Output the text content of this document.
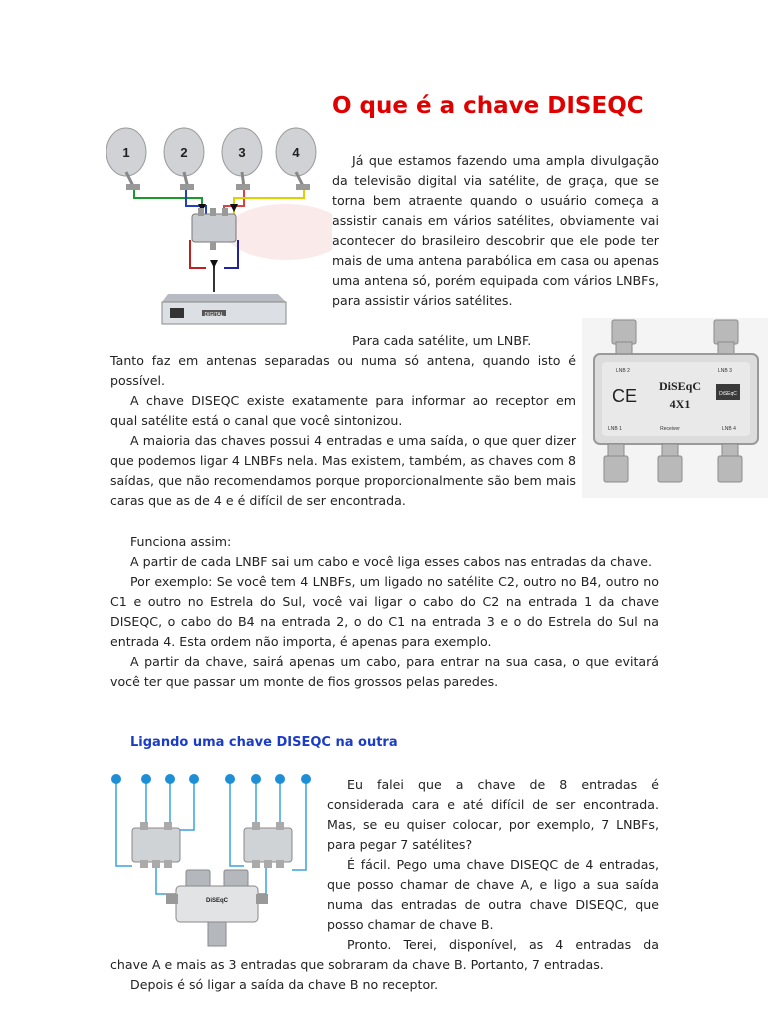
1	2	3	4
DIGITAL
LNB 2	LNB 3
CE DiSEqC
4X1
DiSEqC
LNB 1	Receiver	LNB 4
O que é a chave DISEQC

Já que estamos fazendo uma ampla divulgação da televisão digital via satélite, de graça, que se torna bem atraente quando o usuário começa a assistir canais em vários satélites, obviamente vai acontecer do brasileiro descobrir que ele pode ter mais de uma antena parabólica em casa ou apenas uma antena só, porém equipada com vários LNBFs, para assistir vários satélites.

Para cada satélite, um LNBF.

Tanto faz em antenas separadas ou numa só antena, quando isto é possível.

A chave DISEQC existe exatamente para informar ao receptor em qual satélite está o canal que você sintonizou.

A maioria das chaves possui 4 entradas e uma saída, o que quer dizer que podemos ligar 4 LNBFs nela. Mas existem, também, as chaves com 8 saídas, que não recomendamos porque proporcionalmente são bem mais caras que as de 4 e é difícil de ser encontrada.

Funciona assim:

A partir de cada LNBF sai um cabo e você liga esses cabos nas entradas da chave.

Por exemplo: Se você tem 4 LNBFs, um ligado no satélite C2, outro no B4, outro no C1 e outro no Estrela do Sul, você vai ligar o cabo do C2 na entrada 1 da chave DISEQC, o cabo do B4 na entrada 2, o do C1 na entrada 3 e o do Estrela do Sul na entrada 4. Esta ordem não importa, é apenas para exemplo.

A partir da chave, sairá apenas um cabo, para entrar na sua casa, o que evitará você ter que passar um monte de fios grossos pelas paredes.

Ligando uma chave DISEQC na outra
DiSEqC

Eu falei que a chave de 8 entradas é considerada cara e até difícil de ser encontrada. Mas, se eu quiser colocar, por exemplo, 7 LNBFs, para pegar 7 satélites?

É fácil. Pego uma chave DISEQC de 4 entradas, que posso chamar de chave A, e ligo a sua saída numa das entradas de outra chave DISEQC, que posso chamar de chave B.

Pronto. Terei, disponível, as 4 entradas da

chave A e mais as 3 entradas que sobraram da chave B. Portanto, 7 entradas.

Depois é só ligar a saída da chave B no receptor.
